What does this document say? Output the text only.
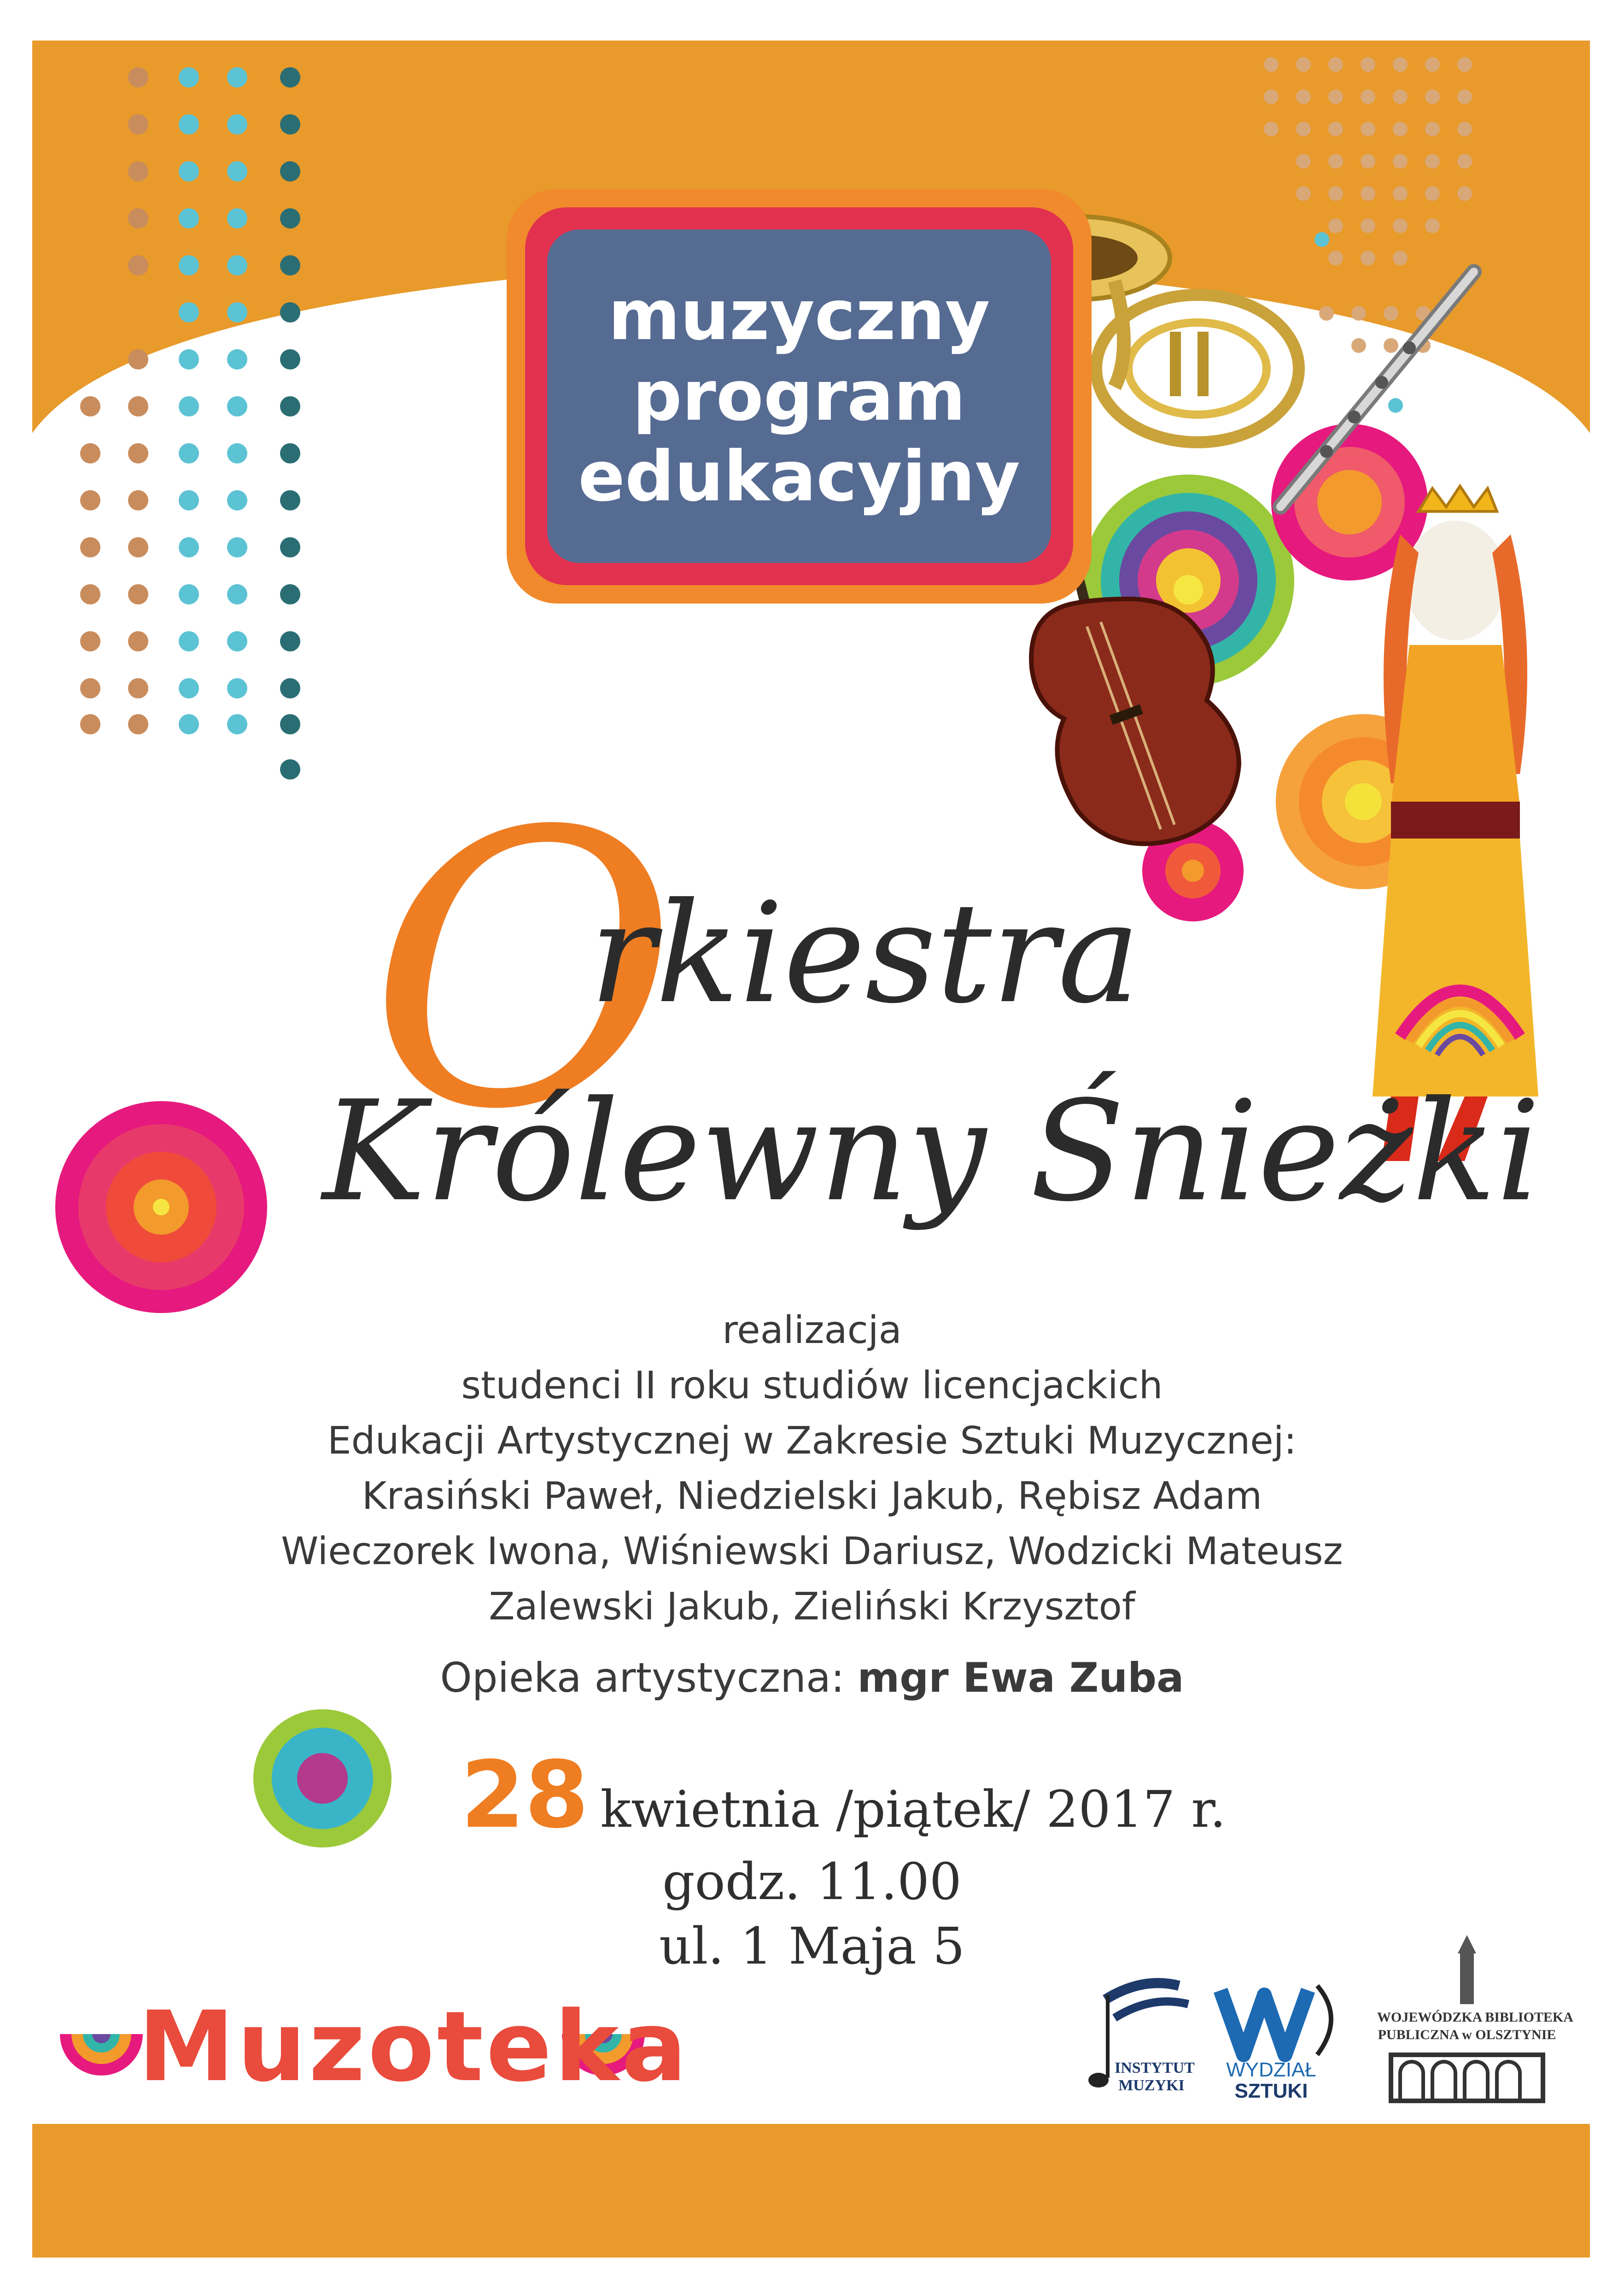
muzyczny
program
edukacyjny
O
rkiestra
Królewny Śnieżki
realizacja
studenci II roku studiów licencjackich
Edukacji Artystycznej w Zakresie Sztuki Muzycznej:
Krasiński Paweł, Niedzielski Jakub, Rębisz Adam
Wieczorek Iwona, Wiśniewski Dariusz, Wodzicki Mateusz
Zalewski Jakub, Zieliński Krzysztof
Opieka artystyczna: mgr Ewa Zuba
28 kwietnia /piątek/ 2017 r.
godz. 11.00
ul. 1 Maja 5
Muzoteka	INSTYTUT
MUZYKI
WYDZIAŁ
SZTUKI
WOJEWÓDZKA BIBLIOTEKA
PUBLICZNA w OLSZTYNIE
